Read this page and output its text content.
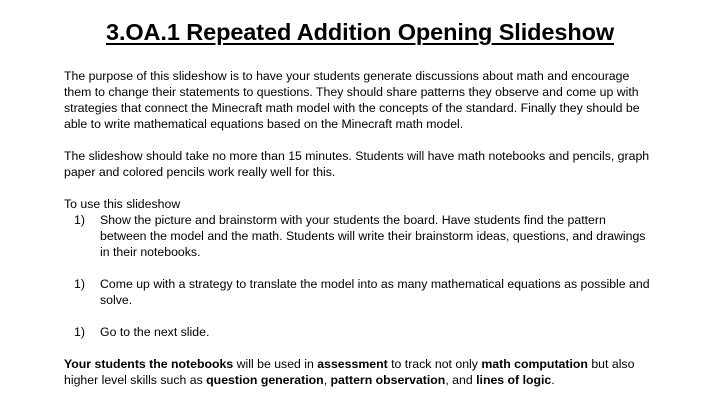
3.OA.1 Repeated Addition Opening Slideshow

The purpose of this slideshow is to have your students generate discussions about math and encourage them to change their statements to questions. They should share patterns they observe and come up with strategies that connect the Minecraft math model with the concepts of the standard. Finally they should be able to write mathematical equations based on the Minecraft math model.

The slideshow should take no more than 15 minutes. Students will have math notebooks and pencils, graph paper and colored pencils work really well for this.

To use this slideshow

1)	Show the picture and brainstorm with your students the board. Have students find the pattern between the model and the math. Students will write their brainstorm ideas, questions, and drawings in their notebooks.
1)	Come up with a strategy to translate the model into as many mathematical equations as possible and solve.
1)	Go to the next slide.

Your students the notebooks will be used in assessment to track not only math computation but also higher level skills such as question generation, pattern observation, and lines of logic.
